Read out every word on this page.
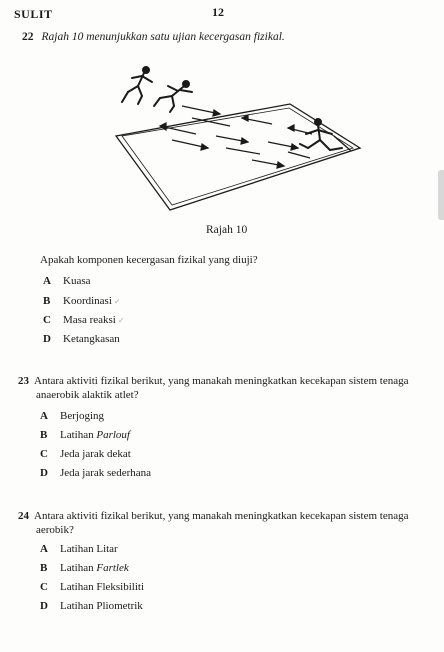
SULIT	12
22 Rajah 10 menunjukkan satu ujian kecergasan fizikal.
Rajah 10
Apakah komponen kecergasan fizikal yang diuji?
A Kuasa
B Koordinasi ✓
C Masa reaksi ✓
D Ketangkasan
23 Antara aktiviti fizikal berikut, yang manakah meningkatkan kecekapan sistem tenaga
anaerobik alaktik atlet?
A Berjoging
B Latihan Parlouf
C Jeda jarak dekat
D Jeda jarak sederhana
24 Antara aktiviti fizikal berikut, yang manakah meningkatkan kecekapan sistem tenaga
aerobik?
A Latihan Litar
B Latihan Fartlek
C Latihan Fleksibiliti
D Latihan Pliometrik
